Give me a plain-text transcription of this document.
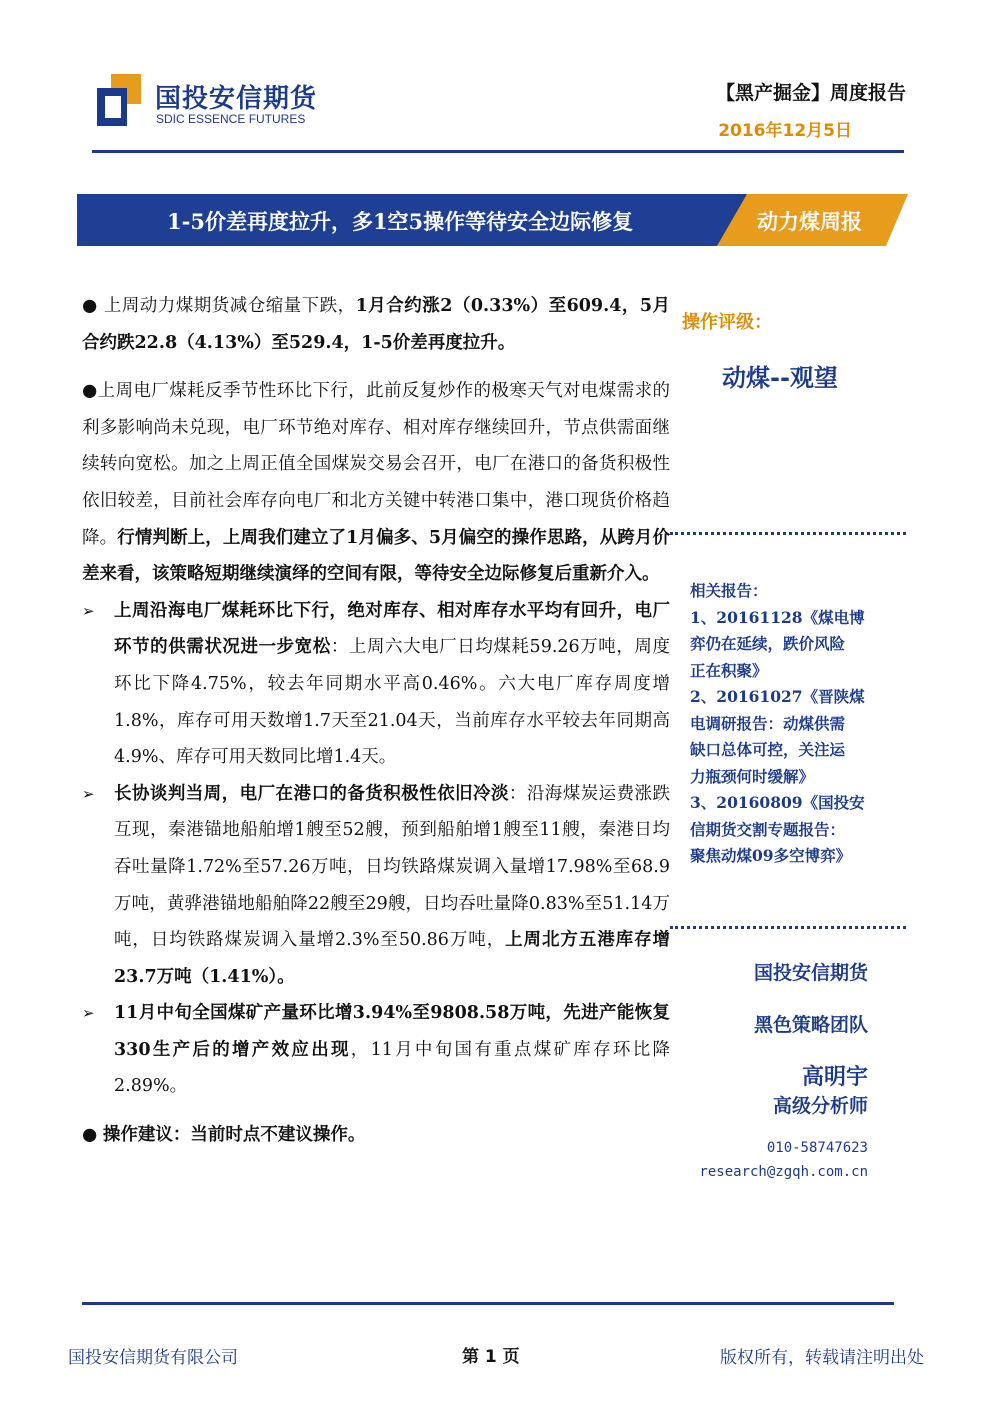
国投安信期货
SDIC ESSENCE FUTURES
【黑产掘金】周度报告
2016年12月5日
1-5价差再度拉升，多1空5操作等待安全边际修复	动力煤周报

● 上周动力煤期货减仓缩量下跌，1月合约涨2（0.33%）至609.4，5月合约跌22.8（4.13%）至529.4，1-5价差再度拉升。

●上周电厂煤耗反季节性环比下行，此前反复炒作的极寒天气对电煤需求的利多影响尚未兑现，电厂环节绝对库存、相对库存继续回升，节点供需面继续转向宽松。加之上周正值全国煤炭交易会召开，电厂在港口的备货积极性依旧较差，目前社会库存向电厂和北方关键中转港口集中，港口现货价格趋降。行情判断上，上周我们建立了1月偏多、5月偏空的操作思路，从跨月价差来看，该策略短期继续演绎的空间有限，等待安全边际修复后重新介入。

➢	上周沿海电厂煤耗环比下行，绝对库存、相对库存水平均有回升，电厂环节的供需状况进一步宽松：上周六大电厂日均煤耗59.26万吨，周度环比下降4.75%，较去年同期水平高0.46%。六大电厂库存周度增1.8%，库存可用天数增1.7天至21.04天，当前库存水平较去年同期高4.9%、库存可用天数同比增1.4天。

➢	长协谈判当周，电厂在港口的备货积极性依旧冷淡：沿海煤炭运费涨跌互现，秦港锚地船舶增1艘至52艘，预到船舶增1艘至11艘，秦港日均吞吐量降1.72%至57.26万吨，日均铁路煤炭调入量增17.98%至68.9万吨，黄骅港锚地船舶降22艘至29艘，日均吞吐量降0.83%至51.14万吨，日均铁路煤炭调入量增2.3%至50.86万吨，上周北方五港库存增23.7万吨（1.41%）。

➢	11月中旬全国煤矿产量环比增3.94%至9808.58万吨，先进产能恢复330生产后的增产效应出现，11月中旬国有重点煤矿库存环比降2.89%。

● 操作建议：当前时点不建议操作。

操作评级：
动煤--观望
相关报告：
1、20161128《煤电博
弈仍在延续，跌价风险
正在积聚》
2、20161027《晋陕煤
电调研报告：动煤供需
缺口总体可控，关注运
力瓶颈何时缓解》
3、20160809《国投安
信期货交割专题报告：
聚焦动煤09多空博弈》
国投安信期货
黑色策略团队
高明宇
高级分析师
010-58747623
research@zgqh.com.cn
国投安信期货有限公司	第 1 页	版权所有，转载请注明出处
